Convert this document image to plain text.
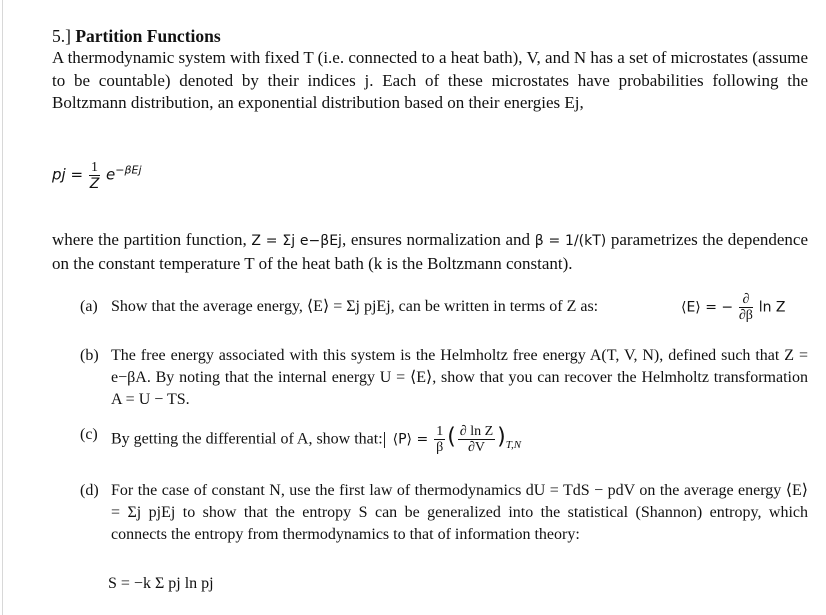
5.] Partition Functions
A thermodynamic system with fixed T (i.e. connected to a heat bath), V, and N has a set of microstates (assume to be countable) denoted by their indices j. Each of these microstates have probabilities following the Boltzmann distribution, an exponential distribution based on their energies Ej,
pj = $\frac{1}{Z} e^{-\beta Ej}$
where the partition function, Z = Σj e−βEj, ensures normalization and β = 1/(kT) parametrizes the dependence on the constant temperature T of the heat bath (k is the Boltzmann constant).
(a) Show that the average energy, ⟨E⟩ = Σj pjEj, can be written in terms of Z as:	⟨E⟩ = − $\frac{\partial}{\partial\beta}$ ln Z
(b) The free energy associated with this system is the Helmholtz free energy A(T, V, N), defined such that Z = e−βA. By noting that the internal energy U = ⟨E⟩, show that you can recover the Helmholtz transformation A = U − TS.
(c) By getting the differential of A, show that: ⟨P⟩ = $\frac{1}{\beta}$ ( $\frac{\text{∂ ln Z}}{\partial V} )_{T,N}$
(d) For the case of constant N, use the first law of thermodynamics dU = TdS − pdV on the average energy ⟨E⟩ = Σj pjEj to show that the entropy S can be generalized into the statistical (Shannon) entropy, which connects the entropy from thermodynamics to that of information theory:
S = −k Σ pj ln pj
